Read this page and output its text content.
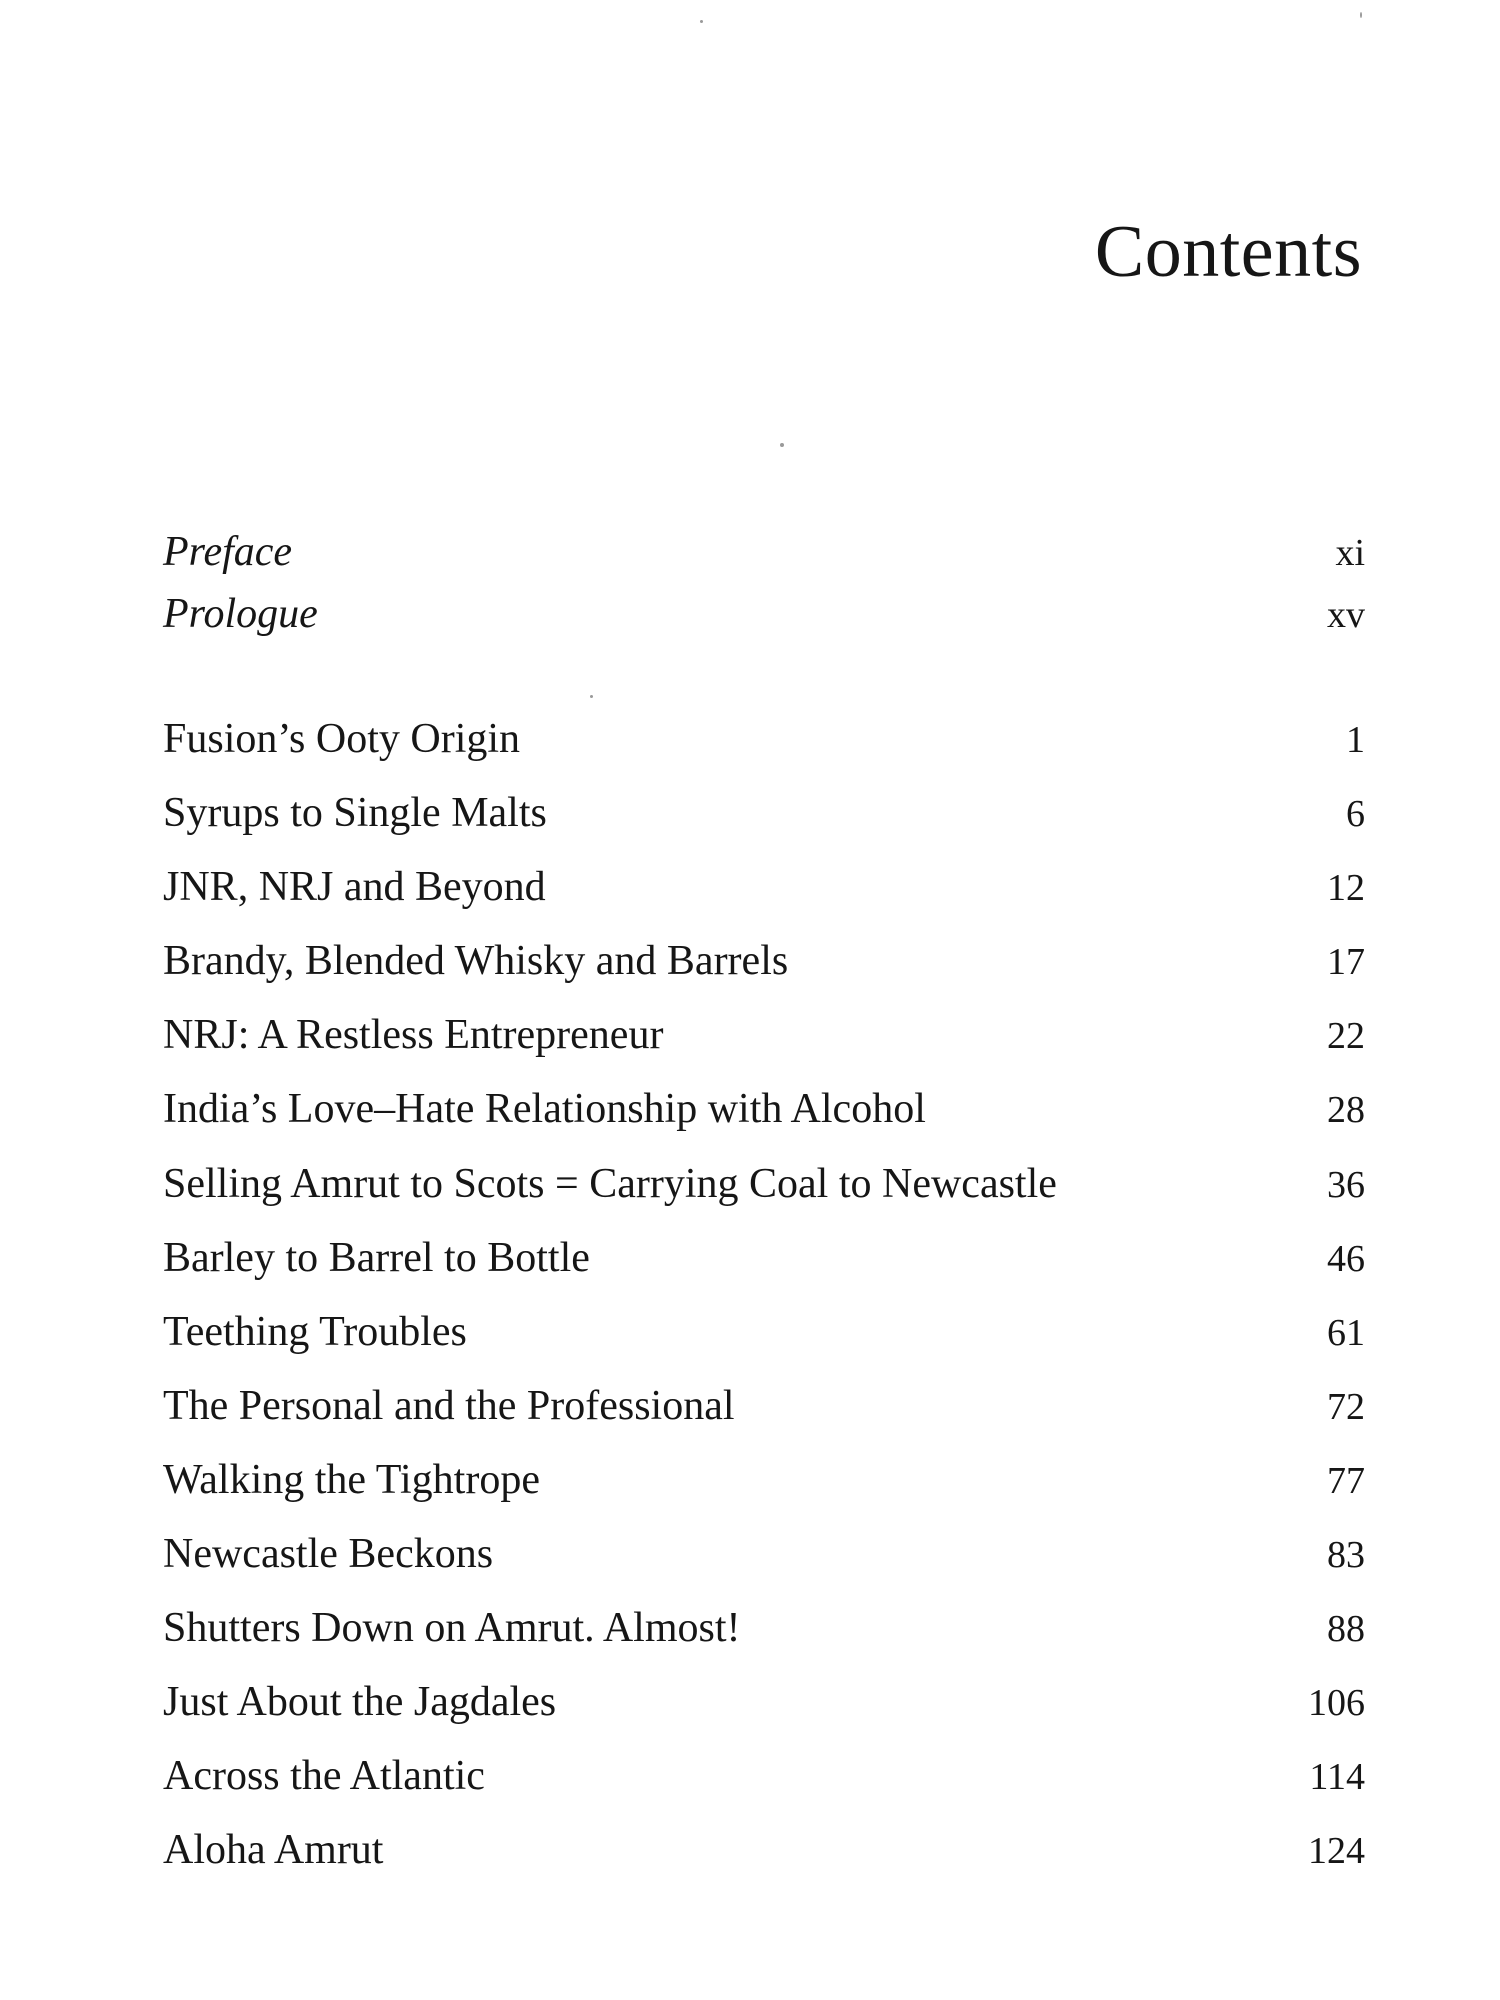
Contents
Preface	xi
Prologue	xv
Fusion’s Ooty Origin	1
Syrups to Single Malts	6
JNR, NRJ and Beyond	12
Brandy, Blended Whisky and Barrels	17
NRJ: A Restless Entrepreneur	22
India’s Love–Hate Relationship with Alcohol	28
Selling Amrut to Scots = Carrying Coal to Newcastle	36
Barley to Barrel to Bottle	46
Teething Troubles	61
The Personal and the Professional	72
Walking the Tightrope	77
Newcastle Beckons	83
Shutters Down on Amrut. Almost!	88
Just About the Jagdales	106
Across the Atlantic	114
Aloha Amrut	124
